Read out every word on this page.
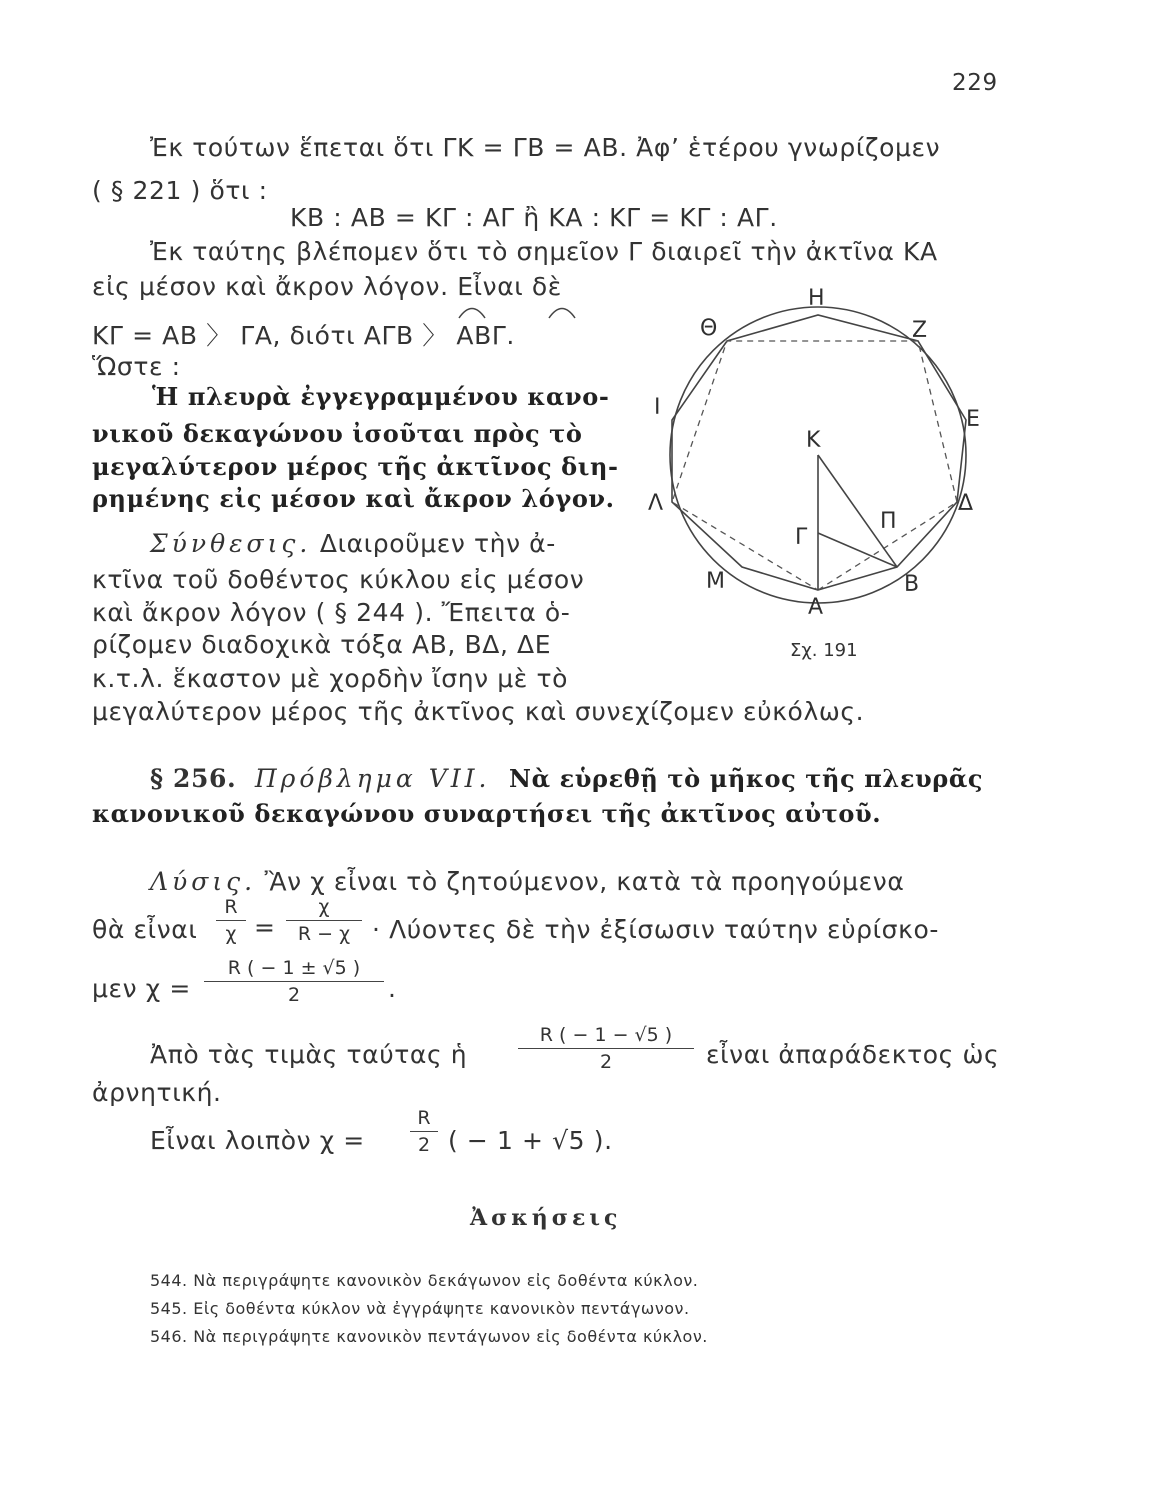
229
Ἐκ τούτων ἕπεται ὅτι ΓΚ = ΓΒ = ΑΒ. Ἀφ’ ἑτέρου γνωρίζομεν
( § 221 ) ὅτι :
ΚΒ : ΑΒ = ΚΓ : ΑΓ ἢ ΚΑ : ΚΓ = ΚΓ : ΑΓ.
Ἐκ ταύτης βλέπομεν ὅτι τὸ σημεῖον Γ διαιρεῖ τὴν ἀκτῖνα ΚΑ
εἰς μέσον καὶ ἄκρον λόγον. Εἶναι δὲ
ΚΓ = ΑΒ 〉 ΓΑ, διότι ΑΓΒ 〉 ΑΒΓ.
Ὥστε :
Ἡ πλευρὰ ἐγγεγραμμένου κανο-
νικοῦ δεκαγώνου ἰσοῦται πρὸς τὸ
μεγαλύτερον μέρος τῆς ἀκτῖνος διη-
ρημένης εἰς μέσον καὶ ἄκρον λόγον.
Σύνθεσις. Διαιροῦμεν τὴν ἀ-
κτῖνα τοῦ δοθέντος κύκλου εἰς μέσον
καὶ ἄκρον λόγον ( § 244 ). Ἔπειτα ὁ-
ρίζομεν διαδοχικὰ τόξα ΑΒ, ΒΔ, ΔΕ
κ.τ.λ. ἕκαστον μὲ χορδὴν ἴσην μὲ τὸ
μεγαλύτερον μέρος τῆς ἀκτῖνος καὶ συνεχίζομεν εὐκόλως.
Η
Ζ
Θ
Ι	Ε
Κ
Λ	Δ
Γ
Π
Μ	Β
Α
Σχ. 191
§ 256. Πρόβλημα VII. Νὰ εὑρεθῇ τὸ μῆκος τῆς πλευρᾶς
κανονικοῦ δεκαγώνου συναρτήσει τῆς ἀκτῖνος αὐτοῦ.
Λύσις. Ἂν χ εἶναι τὸ ζητούμενον, κατὰ τὰ προηγούμενα
θὰ εἶναι
R
χ =
χ
R − χ · Λύοντες δὲ τὴν ἐξίσωσιν ταύτην εὑρίσκο-
μεν χ =
R ( − 1 ± √5 )
2	.
Ἀπὸ τὰς τιμὰς ταύτας ἡ
R ( − 1 − √5 )
2	εἶναι ἀπαράδεκτος ὡς
ἀρνητική.
Εἶναι λοιπὸν χ =
R
2 ( − 1 + √5 ).
Ἀσκήσεις
544. Νὰ περιγράψητε κανονικὸν δεκάγωνον εἰς δοθέντα κύκλον.
545. Εἰς δοθέντα κύκλον νὰ ἐγγράψητε κανονικὸν πεντάγωνον.
546. Νὰ περιγράψητε κανονικὸν πεντάγωνον εἰς δοθέντα κύκλον.
